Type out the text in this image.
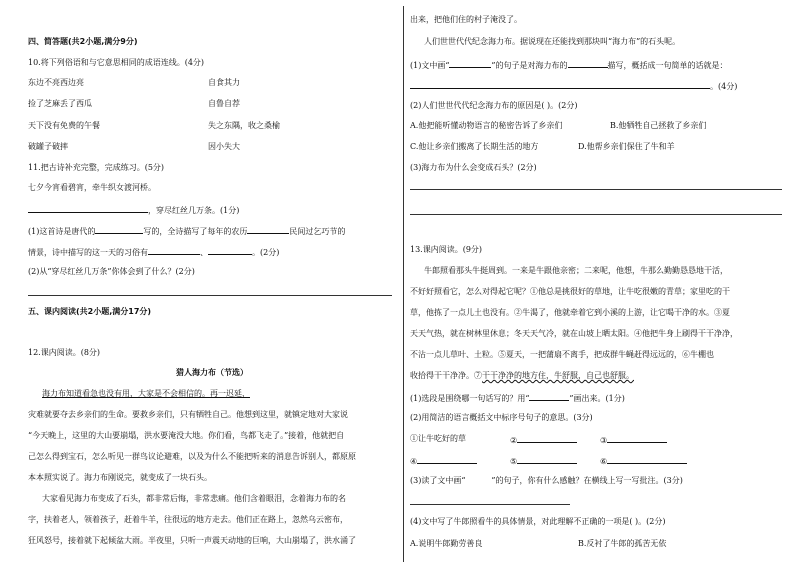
四、简答题(共2小题,满分9分)
10.将下列俗语和与它意思相同的成语连线。(4分)
东边不亮西边亮	自食其力
捡了芝麻丢了西瓜	自鲁自荐
天下没有免费的午餐	失之东隅，收之桑榆
破罐子破摔	因小失大
11.把古诗补充完整，完成练习。(5分)
七夕今宵看碧宵，牵牛织女渡河桥。
，穿尽红丝几万条。(1分)
(1)这首诗是唐代的	写的，全诗描写了每年的农历	民间过乞巧节的
情景，诗中描写的这一天的习俗有	、	。(2分)
(2)从“穿尽红丝几万条”你体会到了什么？(2分)
五、课内阅读(共2小题,满分17分)
12.课内阅读。(8分)
猎人海力布（节选）
海力布知道看急也没有用，大家是不会相信的。再一迟延，
灾难就要夺去乡亲们的生命。要救乡亲们，只有牺牲自己。他想到这里，就镇定地对大家说
“今天晚上，这里的大山要崩塌，洪水要淹没大地。你们看，鸟都飞走了。”接着，他就把自
己怎么得到宝石，怎么听见一群鸟议论避难，以及为什么不能把听来的消息告诉别人，都原原
本本照实说了。海力布刚说完，就变成了一块石头。
大家看见海力布变成了石头，都非常后悔，非常悲痛。他们含着眼泪，念着海力布的名
字，扶着老人，领着孩子，赶着牛羊，往很远的地方走去。他们正在路上，忽然乌云密布，
狂风怒号，接着就下起倾盆大雨。半夜里，只听一声震天动地的巨响，大山崩塌了，洪水涌了
出来，把他们住的村子淹没了。
人们世世代代纪念海力布。据说现在还能找到那块叫“海力布”的石头呢。
(1)文中画“	”的句子是对海力布的	描写，概括成一句简单的话就是：
。(4分)
(2)人们世世代代纪念海力布的原因是( )。(2分)
A.他把能听懂动物语言的秘密告诉了乡亲们	B.他牺牲自己拯救了乡亲们
C.他让乡亲们搬离了长期生活的地方	D.他帮乡亲们保住了牛和羊
(3)海力布为什么会变成石头？(2分)
13.课内阅读。(9分)
牛郎照看那头牛挺周到。一来是牛跟他亲密；二来呢，他想，牛那么勤勤恳恳地干活，
不好好照看它，怎么对得起它呢？①他总是挑很好的草地，让牛吃很嫩的青草；家里吃的干
草，他拣了一点儿土也没有。②牛渴了，他就牵着它到小溪的上游，让它喝干净的水。③夏
天天气热，就在树林里休息；冬天天气冷，就在山坡上晒太阳。④他把牛身上刷得干干净净，
不沾一点儿草叶、土粒。⑤夏天，一把蒲扇不离手，把成群牛蝇赶得远远的，⑥牛棚也
收拾得干干净净。⑦干干净净的地方住，牛舒服，自己也舒服。
(1)选段是围绕哪一句话写的？用“	”画出来。(1分)
(2)用简洁的语言概括文中标序号句子的意思。(3分)
①让牛吃好的草	②	③
④	⑤	⑥
(3)读了文中画“	”的句子，你有什么感触？在横线上写一写批注。(3分)
(4)文中写了牛郎照看牛的具体情景，对此理解不正确的一项是( )。(2分)
A.说明牛郎勤劳善良	B.反衬了牛郎的孤苦无依
